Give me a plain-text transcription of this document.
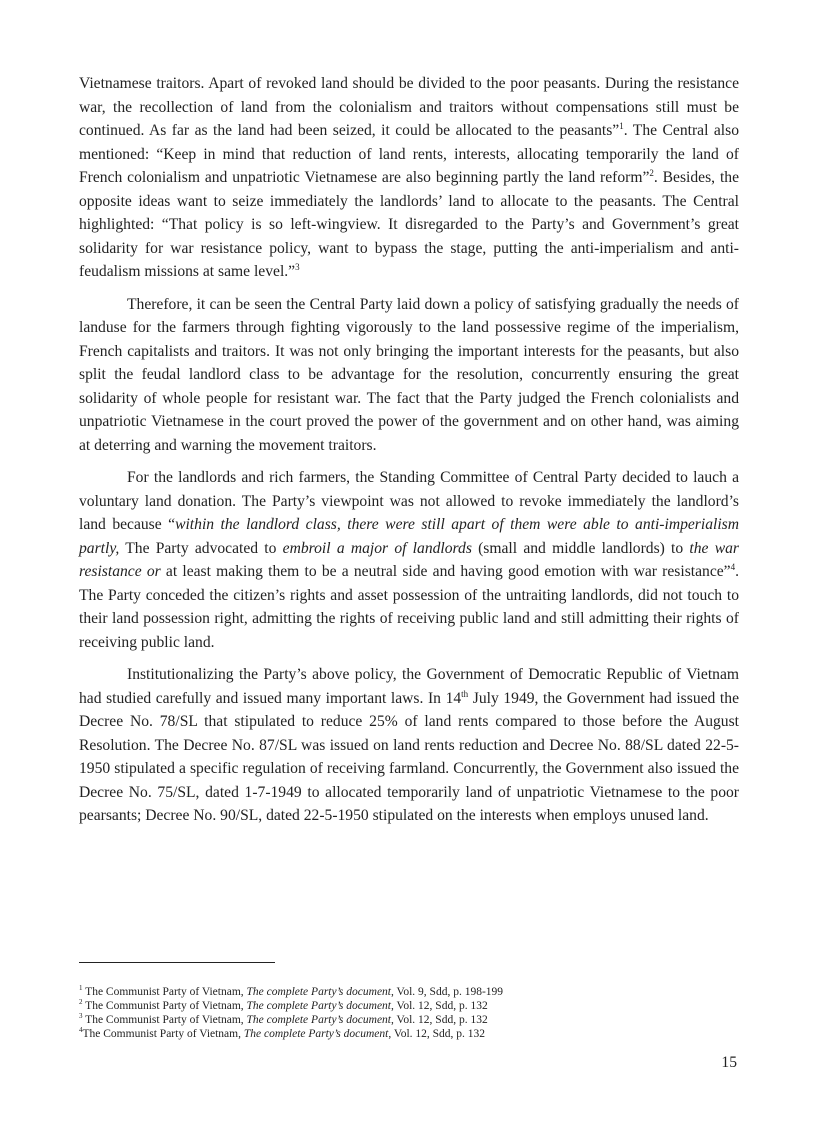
Vietnamese traitors. Apart of revoked land should be divided to the poor peasants. During the resistance war, the recollection of land from the colonialism and traitors without compensations still must be continued. As far as the land had been seized, it could be allocated to the peasants”$^1$. The Central also mentioned: “Keep in mind that reduction of land rents, interests, allocating temporarily the land of French colonialism and unpatriotic Vietnamese are also beginning partly the land reform”$^2$. Besides, the opposite ideas want to seize immediately the landlords’ land to allocate to the peasants. The Central highlighted: “That policy is so left-wingview. It disregarded to the Party’s and Government’s great solidarity for war resistance policy, want to bypass the stage, putting the anti-imperialism and anti-feudalism missions at same level.”$^3$

Therefore, it can be seen the Central Party laid down a policy of satisfying gradually the needs of landuse for the farmers through fighting vigorously to the land possessive regime of the imperialism, French capitalists and traitors. It was not only bringing the important interests for the peasants, but also split the feudal landlord class to be advantage for the resolution, concurrently ensuring the great solidarity of whole people for resistant war. The fact that the Party judged the French colonialists and unpatriotic Vietnamese in the court proved the power of the government and on other hand, was aiming at deterring and warning the movement traitors.

For the landlords and rich farmers, the Standing Committee of Central Party decided to lauch a voluntary land donation. The Party’s viewpoint was not allowed to revoke immediately the landlord’s land because “within the landlord class, there were still apart of them were able to anti-imperialism partly, The Party advocated to embroil a major of landlords (small and middle landlords) to the war resistance or at least making them to be a neutral side and having good emotion with war resistance”$^4$. The Party conceded the citizen’s rights and asset possession of the untraiting landlords, did not touch to their land possession right, admitting the rights of receiving public land and still admitting their rights of receiving public land.

Institutionalizing the Party’s above policy, the Government of Democratic Republic of Vietnam had studied carefully and issued many important laws. In 14th July 1949, the Government had issued the Decree No. 78/SL that stipulated to reduce 25% of land rents compared to those before the August Resolution. The Decree No. 87/SL was issued on land rents reduction and Decree No. 88/SL dated 22-5-1950 stipulated a specific regulation of receiving farmland. Concurrently, the Government also issued the Decree No. 75/SL, dated 1-7-1949 to allocated temporarily land of unpatriotic Vietnamese to the poor pearsants; Decree No. 90/SL, dated 22-5-1950 stipulated on the interests when employs unused land.

$^1$ The Communist Party of Vietnam, The complete Party’s document, Vol. 9, Sdd, p. 198-199
$^2$ The Communist Party of Vietnam, The complete Party’s document, Vol. 12, Sdd, p. 132
$^3$ The Communist Party of Vietnam, The complete Party’s document, Vol. 12, Sdd, p. 132
$^4$The Communist Party of Vietnam, The complete Party’s document, Vol. 12, Sdd, p. 132
15
